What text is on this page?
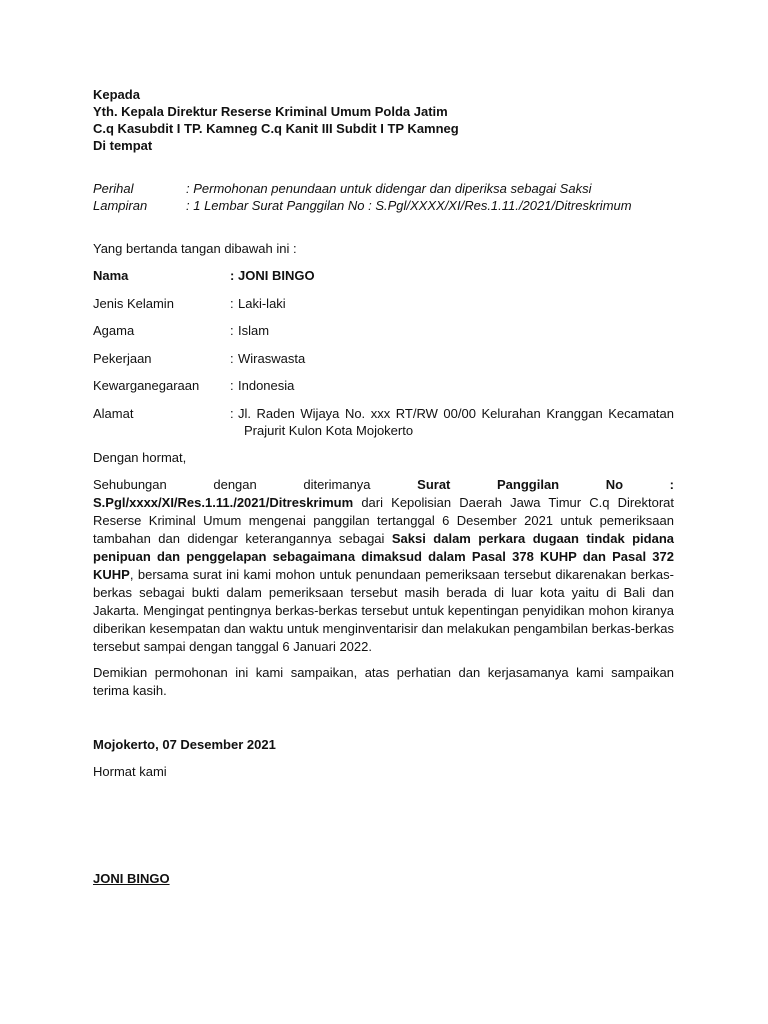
Kepada
Yth. Kepala Direktur Reserse Kriminal Umum Polda Jatim
C.q Kasubdit I TP. Kamneg C.q Kanit III Subdit I TP Kamneg
Di tempat
Perihal	: Permohonan penundaan untuk didengar dan diperiksa sebagai Saksi
Lampiran	: 1 Lembar Surat Panggilan No : S.Pgl/XXXX/XI/Res.1.11./2021/Ditreskrimum
Yang bertanda tangan dibawah ini :
Nama	: JONI BINGO
Jenis Kelamin	: Laki-laki
Agama	: Islam
Pekerjaan	: Wiraswasta
Kewarganegaraan	: Indonesia
Alamat	: Jl. Raden Wijaya No. xxx RT/RW 00/00 Kelurahan Kranggan Kecamatan
Prajurit Kulon Kota Mojokerto
Dengan hormat,
Sehubungan dengan diterimanya Surat Panggilan No : S.Pgl/xxxx/XI/Res.1.11./2021/Ditreskrimum dari Kepolisian Daerah Jawa Timur C.q Direktorat Reserse Kriminal Umum mengenai panggilan tertanggal 6 Desember 2021 untuk pemeriksaan tambahan dan didengar keterangannya sebagai Saksi dalam perkara dugaan tindak pidana penipuan dan penggelapan sebagaimana dimaksud dalam Pasal 378 KUHP dan Pasal 372 KUHP, bersama surat ini kami mohon untuk penundaan pemeriksaan tersebut dikarenakan berkas-berkas sebagai bukti dalam pemeriksaan tersebut masih berada di luar kota yaitu di Bali dan Jakarta. Mengingat pentingnya berkas-berkas tersebut untuk kepentingan penyidikan mohon kiranya diberikan kesempatan dan waktu untuk menginventarisir dan melakukan pengambilan berkas-berkas tersebut sampai dengan tanggal 6 Januari 2022.
Demikian permohonan ini kami sampaikan, atas perhatian dan kerjasamanya kami sampaikan terima kasih.
Mojokerto, 07 Desember 2021
Hormat kami
JONI BINGO
